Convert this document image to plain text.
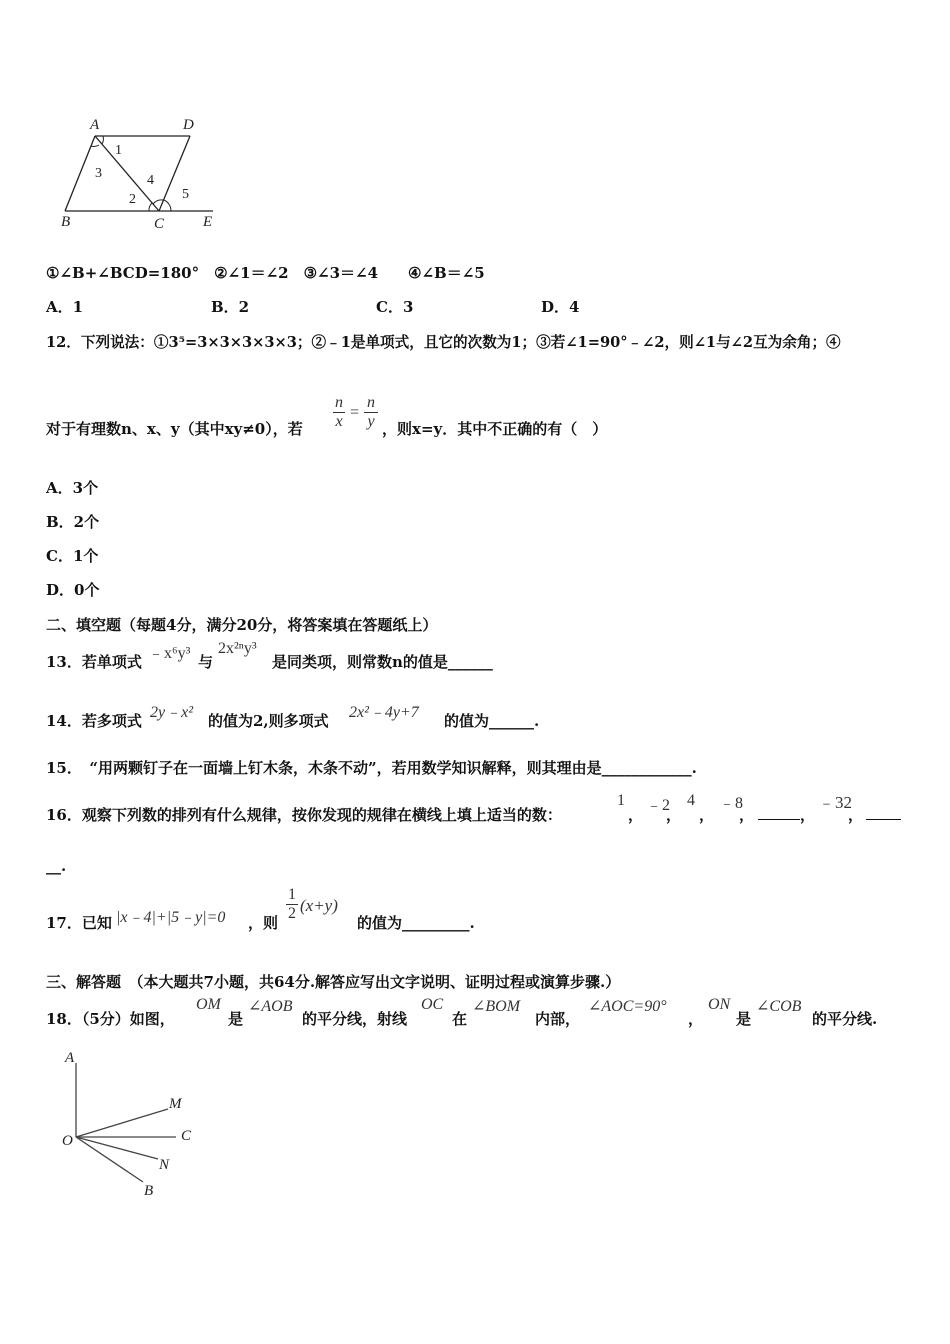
A	D
B	C	E
1
3
2
4
5
①∠B+∠BCD=180°　②∠1＝∠2　③∠3＝∠4　　④∠B＝∠5
A．1	B．2	C．3	D．4
12．下列说法：①3⁵=3×3×3×3×3；②﹣1是单项式，且它的次数为1；③若∠1=90°﹣∠2，则∠1与∠2互为余角；④
对于有理数n、x、y（其中xy≠0），若
n
x
=
n
y ，则x=y．其中不正确的有（　）
A．3个
B．2个
C．1个
D．0个
二、填空题（每题4分，满分20分，将答案填在答题纸上）
13．若单项式 ﹣x⁶y³ 与
2x²ⁿy³
是同类项，则常数n的值是______
14．若多项式 2y﹣x² 的值为2,则多项式 2x²﹣4y+7 的值为______.
15．　“用两颗钉子在一面墙上钉木条，木条不动”，若用数学知识解释，则其理由是____________.
16．观察下列数的排列有什么规律，按你发现的规律在横线上填上适当的数：
1
，
﹣2
，
4
，
﹣8
，	，
﹣32
，
__.
17．已知 |x﹣4|+|5﹣y|=0 ，则
1
2 (x+y)
的值为_________.
三、解答题　（本大题共7小题，共64分.解答应写出文字说明、证明过程或演算步骤.）
18．（5分）如图，
OM
是
∠AOB
的平分线，射线
OC
在
∠BOM
内部，
∠AOC=90°
，
ON
是
∠COB
的平分线.
A
M
C
O
N
B
